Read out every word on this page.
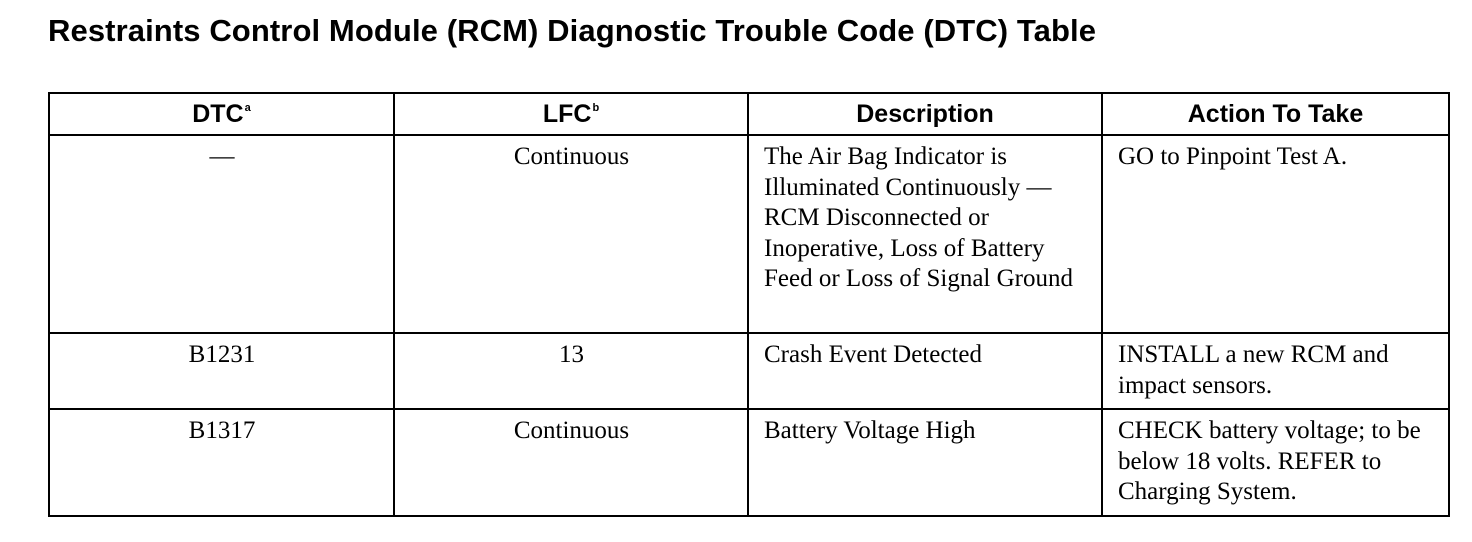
Restraints Control Module (RCM) Diagnostic Trouble Code (DTC) Table
DTC$^a$	LFC$^b$	Description	Action To Take
—	Continuous	The Air Bag Indicator is Illuminated Continuously — RCM Disconnected or Inoperative, Loss of Battery Feed or Loss of Signal Ground	GO to Pinpoint Test A.
B1231	13	Crash Event Detected	INSTALL a new RCM and impact sensors.
B1317	Continuous	Battery Voltage High	CHECK battery voltage; to be below 18 volts. REFER to Charging System.
